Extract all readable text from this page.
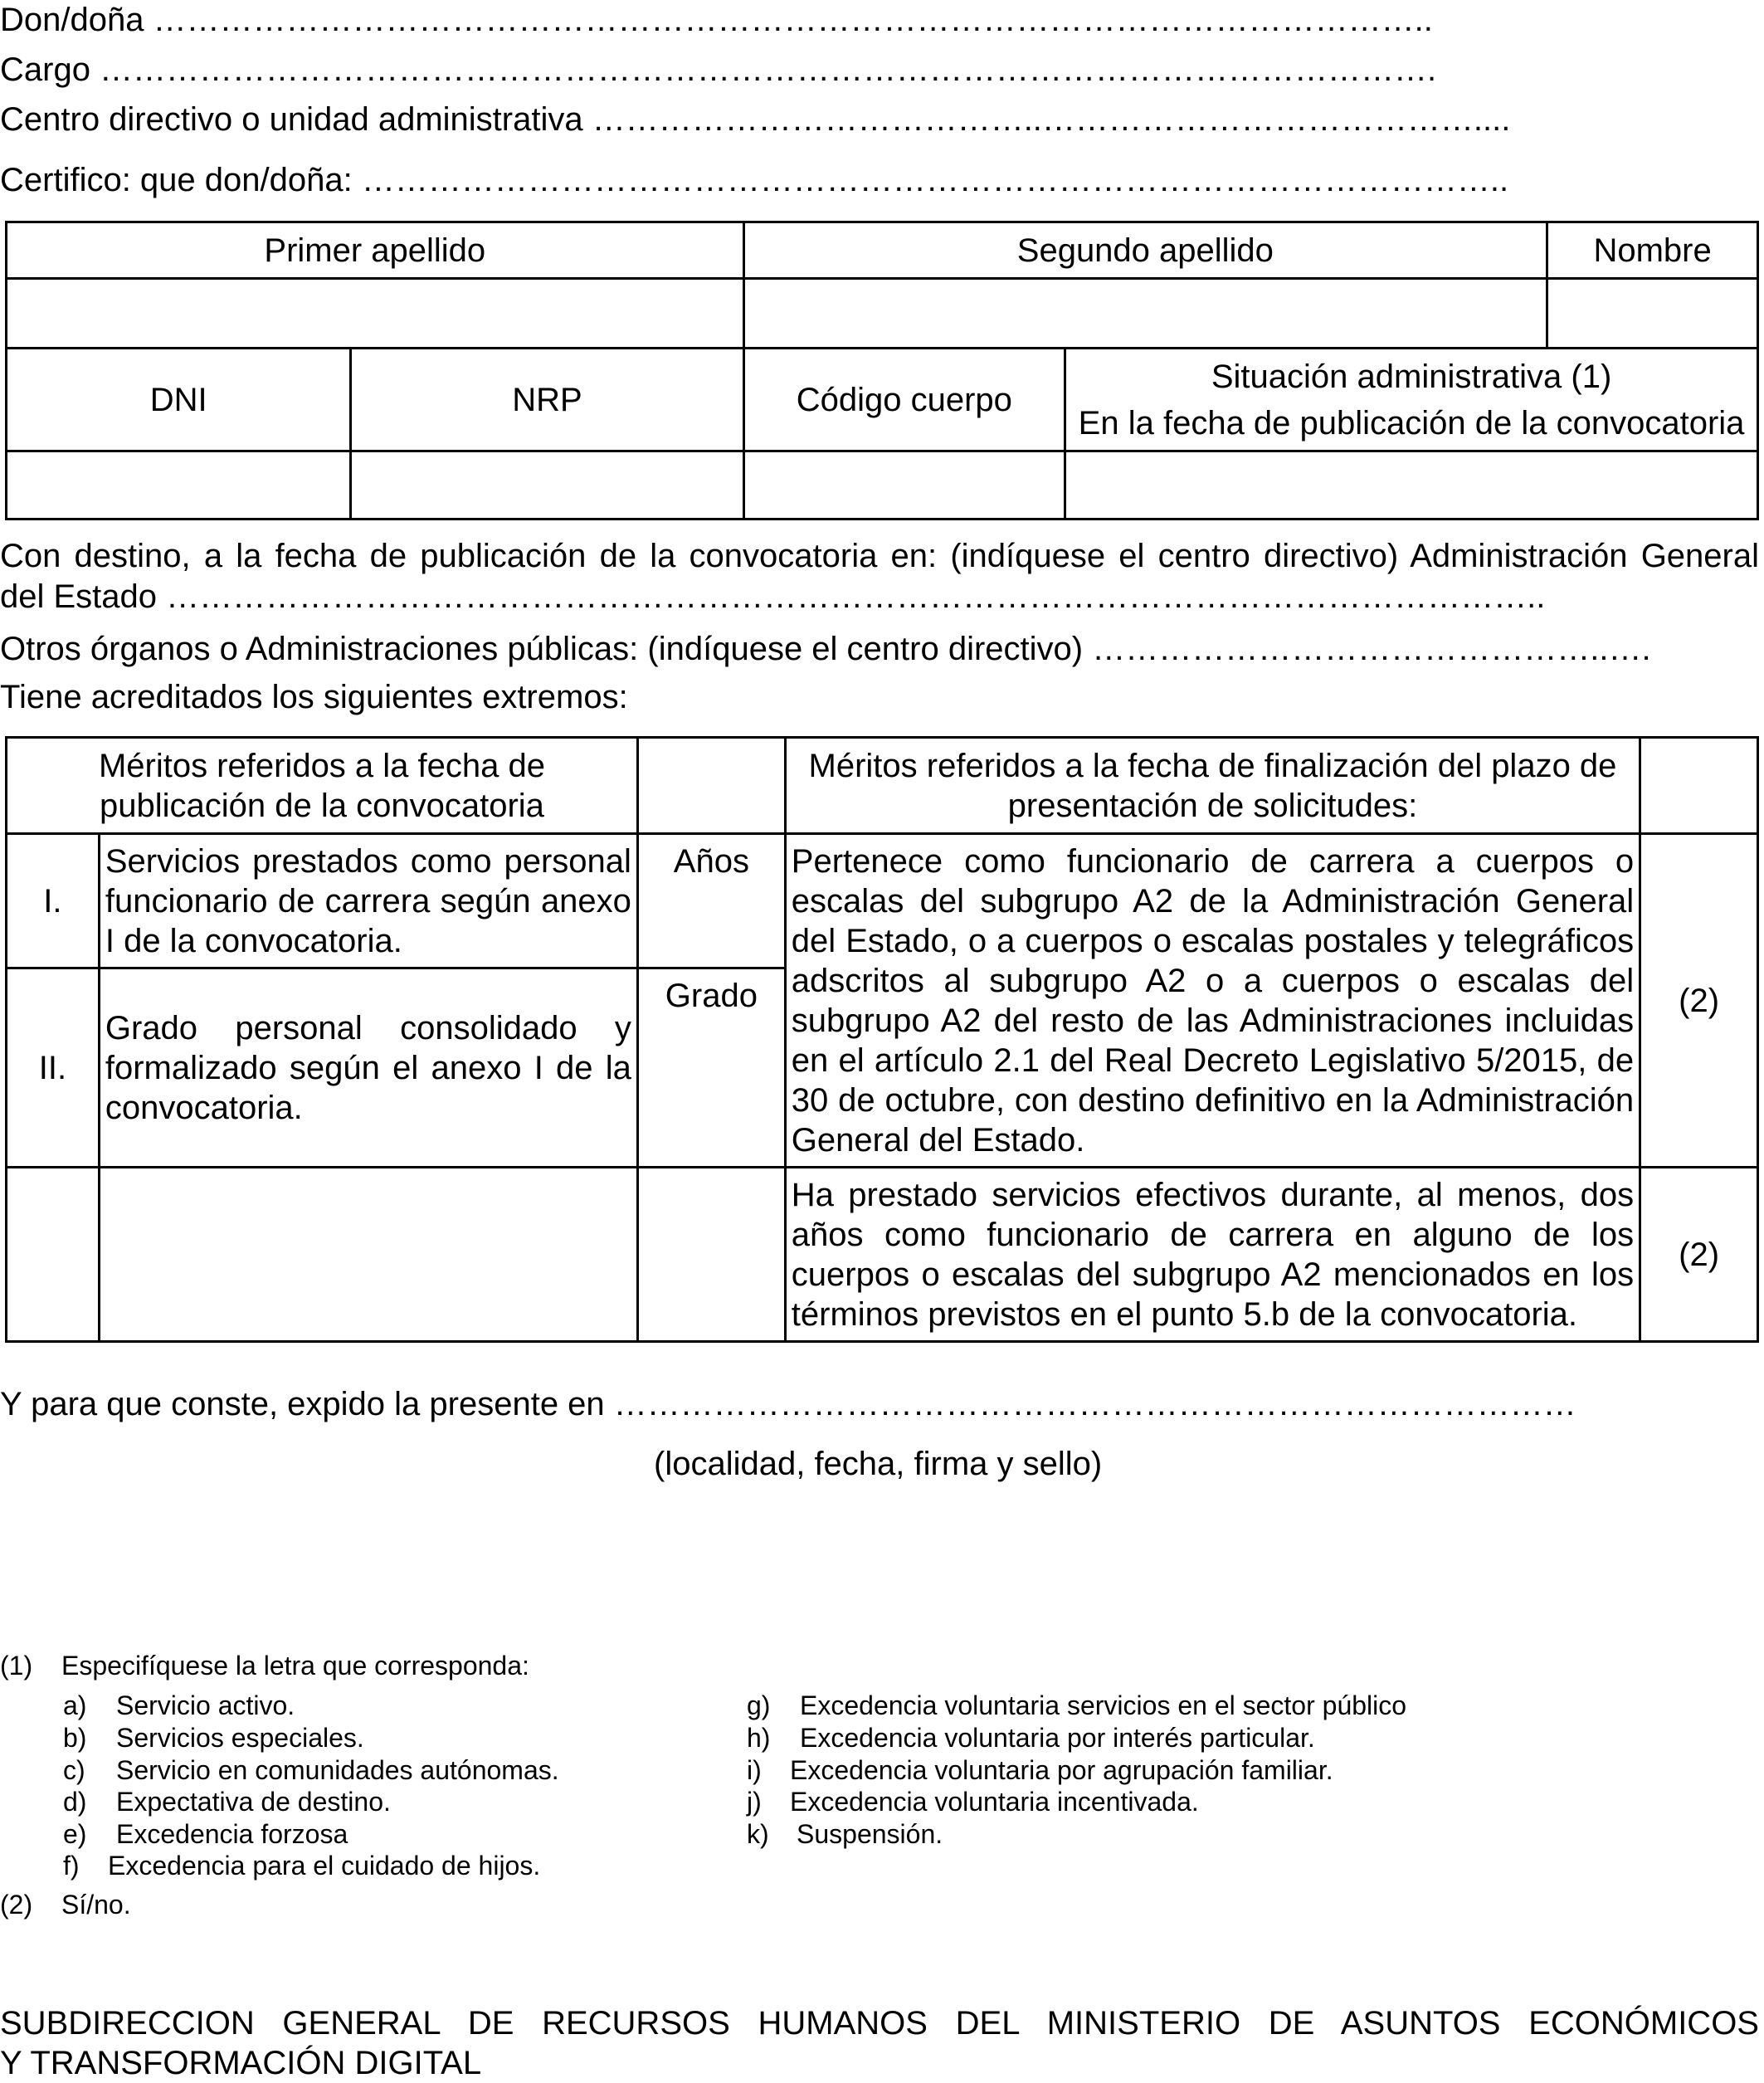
Don/doña ……………………………………………………………………………………………………..
Cargo ………………………………………………………………………………………………………….
Centro directivo o unidad administrativa …………………………………..…………………………………....
Certifico: que don/doña: …………………………………………………………………………………………..
Primer apellido		Segundo apellido		Nombre

DNI	NRP	Código cuerpo	Situación administrativa (1)
En la fecha de publicación de la convocatoria	

Con destino, a la fecha de publicación de la convocatoria en: (indíquese el centro directivo) Administración General
del Estado ……………………………………………………………………………………………………………..
Otros órganos o Administraciones públicas: (indíquese el centro directivo) ………………………………………..….
Tiene acreditados los siguientes extremos:
Méritos referidos a la fecha de publicación de la convocatoria			Méritos referidos a la fecha de finalización del plazo de presentación de solicitudes:	
I.	Servicios prestados como personal funcionario de carrera según anexo I de la convocatoria.	Años	Pertenece como funcionario de carrera a cuerpos o escalas del subgrupo A2 de la Administración General del Estado, o a cuerpos o escalas postales y telegráficos adscritos al subgrupo A2 o a cuerpos o escalas del subgrupo A2 del resto de las Administraciones incluidas en el artículo 2.1 del Real Decreto Legislativo 5/2015, de 30 de octubre, con destino definitivo en la Administración General del Estado.	(2)
II.	Grado personal consolidado y formalizado según el anexo I de la convocatoria.	Grado		
			Ha prestado servicios efectivos durante, al menos, dos años como funcionario de carrera en alguno de los cuerpos o escalas del subgrupo A2 mencionados en los términos previstos en el punto 5.b de la convocatoria.	(2)
Y para que conste, expido la presente en ……………………………………………………………………………
(localidad, fecha, firma y sello)
(1) Especifíquese la letra que corresponda:
a) Servicio activo.
b) Servicios especiales.
c) Servicio en comunidades autónomas.
d) Expectativa de destino.
e) Excedencia forzosa
f) Excedencia para el cuidado de hijos.
g) Excedencia voluntaria servicios en el sector público
h) Excedencia voluntaria por interés particular.
i) Excedencia voluntaria por agrupación familiar.
j) Excedencia voluntaria incentivada.
k) Suspensión.
(2) Sí/no.
SUBDIRECCION GENERAL DE RECURSOS HUMANOS DEL MINISTERIO DE ASUNTOS ECONÓMICOS
Y TRANSFORMACIÓN DIGITAL
